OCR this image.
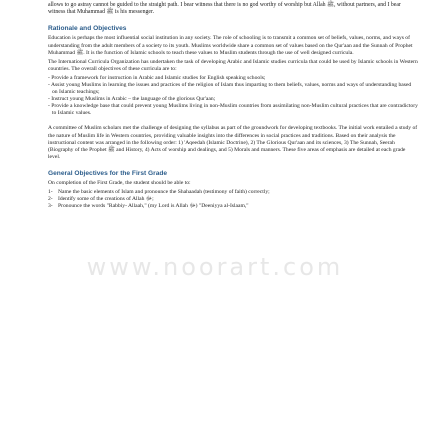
allows to go astray cannot be guided to the straight path. I bear witness that there is no god worthy of worship but Allah ﷺ, without partners, and I bear witness that Muhammad ﷺ is his messenger.

Rationale and Objectives

Education is perhaps the most influential social institution in any society. The role of schooling is to transmit a common set of beliefs, values, norms, and ways of understanding from the adult members of a society to its youth. Muslims worldwide share a common set of values based on the Qur'aan and the Sunnah of Prophet Muhammad ﷺ. It is the function of Islamic schools to teach these values to Muslim students through the use of well designed curricula.

The International Curricula Organization has undertaken the task of developing Arabic and Islamic studies curricula that could be used by Islamic schools in Western countries. The overall objectives of these curricula are to:

- Provide a framework for instruction in Arabic and Islamic studies for English speaking schools;
- Assist young Muslims in learning the issues and practices of the religion of Islam thus imparting to them beliefs, values, norms and ways of understanding based on Islamic teachings;
- Instruct young Muslims in Arabic – the language of the glorious Qur'aan;
- Provide a knowledge base that could prevent young Muslims living in non-Muslim countries from assimilating non-Muslim cultural practices that are contradictory to Islamic values.

A committee of Muslim scholars met the challenge of designing the syllabus as part of the groundwork for developing textbooks. The initial work entailed a study of the nature of Muslim life in Western countries, providing valuable insights into the differences in social practices and traditions. Based on their analysis the instructional content was arranged in the following order: 1) 'Aqeedah (Islamic Doctrine), 2) The Glorious Qur'aan and its sciences, 3) The Sunnah, Seerah (Biography of the Prophet ﷺ and History, 4) Acts of worship and dealings, and 5) Morals and manners. These five areas of emphasis are detailed at each grade level.

General Objectives for the First Grade

On completion of the First Grade, the student should be able to:

1- Name the basic elements of Islam and pronounce the Shahaadah (testimony of faith) correctly;
2- Identify some of the creations of Allah ﷻ;
3- Pronounce the words "Rabbiy- Allaah," (my Lord is Allah ﷻ) "Deeniyya al-Islaam,"
www.noorart.com
